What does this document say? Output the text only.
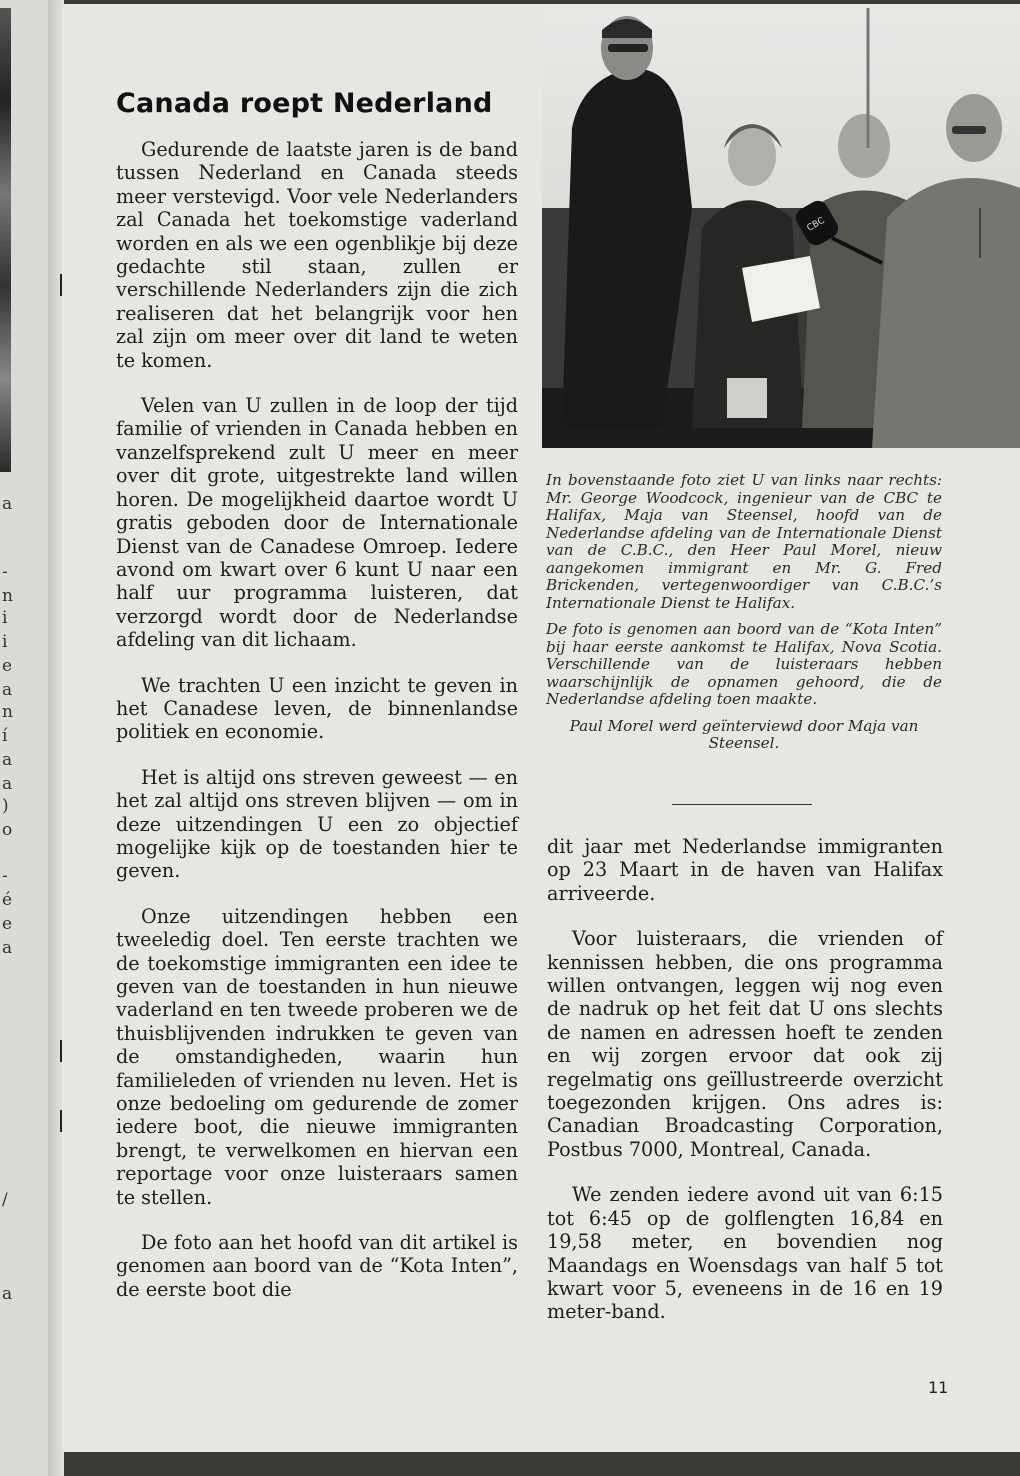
a
-
n
i
i
e
a
n
í
a
a
)
o
-
é
e
a
/
a
Canada roept Nederland

Gedurende de laatste jaren is de band tussen Nederland en Canada steeds meer verstevigd. Voor vele Nederlanders zal Canada het toekomstige vaderland worden en als we een ogenblikje bij deze gedachte stil staan, zullen er verschillende Nederlanders zijn die zich realiseren dat het belangrijk voor hen zal zijn om meer over dit land te weten te komen.

Velen van U zullen in de loop der tijd familie of vrienden in Canada hebben en vanzelfsprekend zult U meer en meer over dit grote, uitgestrekte land willen horen. De mogelijkheid daartoe wordt U gratis geboden door de Internationale Dienst van de Canadese Omroep. Iedere avond om kwart over 6 kunt U naar een half uur programma luisteren, dat verzorgd wordt door de Nederlandse afdeling van dit lichaam.

We trachten U een inzicht te geven in het Canadese leven, de binnenlandse politiek en economie.

Het is altijd ons streven geweest — en het zal altijd ons streven blijven — om in deze uitzendingen U een zo objectief mogelijke kijk op de toestanden hier te geven.

Onze uitzendingen hebben een tweeledig doel. Ten eerste trachten we de toekomstige immigranten een idee te geven van de toestanden in hun nieuwe vaderland en ten tweede proberen we de thuisblijvenden indrukken te geven van de omstandigheden, waarin hun familieleden of vrienden nu leven. Het is onze bedoeling om gedurende de zomer iedere boot, die nieuwe immigranten brengt, te verwelkomen en hiervan een reportage voor onze luisteraars samen te stellen.

De foto aan het hoofd van dit artikel is genomen aan boord van de “Kota Inten”, de eerste boot die

CBC

In bovenstaande foto ziet U van links naar rechts: Mr. George Woodcock, ingenieur van de CBC te Halifax, Maja van Steensel, hoofd van de Nederlandse afdeling van de Internationale Dienst van de C.B.C., den Heer Paul Morel, nieuw aangekomen immigrant en Mr. G. Fred Brickenden, vertegenwoordiger van C.B.C.’s Internationale Dienst te Halifax.

De foto is genomen aan boord van de “Kota Inten” bij haar eerste aankomst te Halifax, Nova Scotia. Verschillende van de luisteraars hebben waarschijnlijk de opnamen gehoord, die de Nederlandse afdeling toen maakte.

Paul Morel werd geïnterviewd door Maja van Steensel.

dit jaar met Nederlandse immigranten op 23 Maart in de haven van Halifax arriveerde.

Voor luisteraars, die vrienden of kennissen hebben, die ons programma willen ontvangen, leggen wij nog even de nadruk op het feit dat U ons slechts de namen en adressen hoeft te zenden en wij zorgen ervoor dat ook zij regelmatig ons geïllustreerde overzicht toegezonden krijgen. Ons adres is: Canadian Broadcasting Corporation, Postbus 7000, Montreal, Canada.

We zenden iedere avond uit van 6:15 tot 6:45 op de golflengten 16,84 en 19,58 meter, en bovendien nog Maandags en Woensdags van half 5 tot kwart voor 5, eveneens in de 16 en 19 meter-band.

11
